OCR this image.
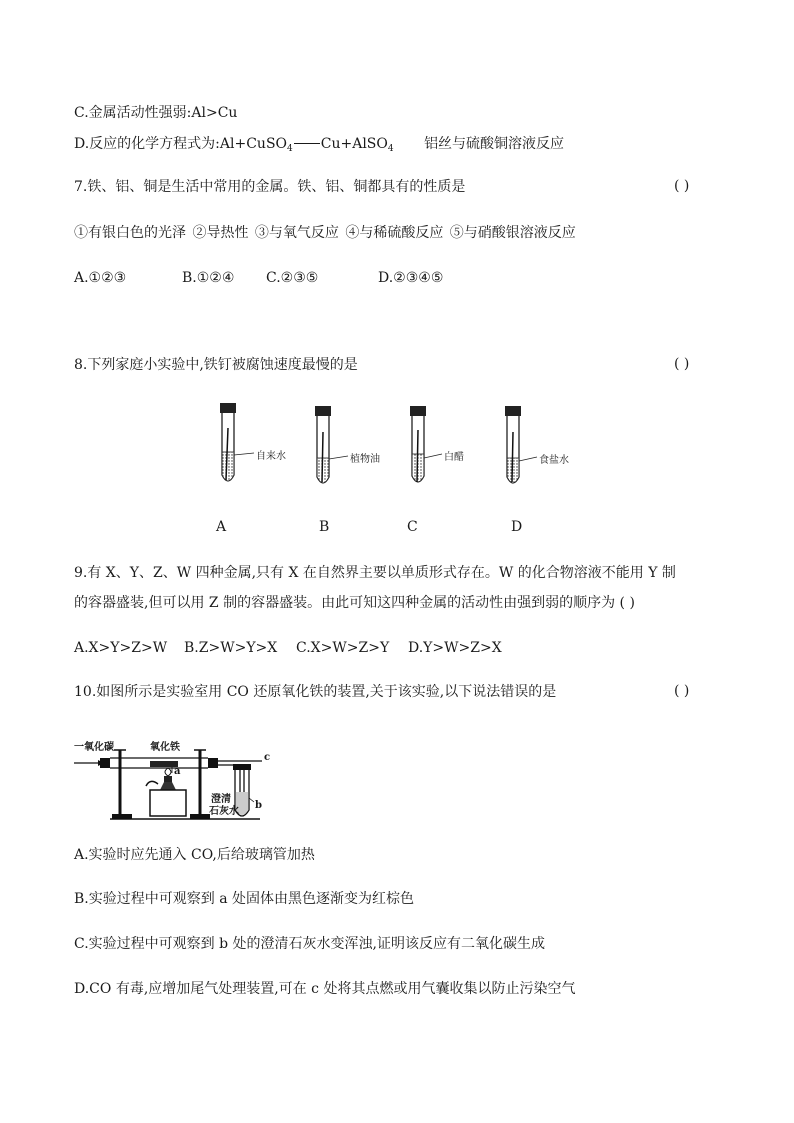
C.金属活动性强弱:Al>Cu
D.反应的化学方程式为:Al+CuSO$_4$ Cu+AlSO$_4$ 铝丝与硫酸铜溶液反应
7.铁、铝、铜是生活中常用的金属。铁、铝、铜都具有的性质是	( )
①有银白色的光泽 ②导热性 ③与氧气反应 ④与稀硫酸反应 ⑤与硝酸银溶液反应
A.①②③	B.①②④ C.②③⑤	D.②③④⑤
8.下列家庭小实验中,铁钉被腐蚀速度最慢的是	( )
自来水	植物油	白醋	食盐水
A	B	C	D
9.有 X、Y、Z、W 四种金属,只有 X 在自然界主要以单质形式存在。W 的化合物溶液不能用 Y 制
的容器盛装,但可以用 Z 制的容器盛装。由此可知这四种金属的活动性由强到弱的顺序为 ( )
A.X>Y>Z>W B.Z>W>Y>X C.X>W>Z>Y D.Y>W>Z>X
10.如图所示是实验室用 CO 还原氧化铁的装置,关于该实验,以下说法错误的是	( )
一氧化碳	氧化铁
a
澄清
石灰水
b
c
A.实验时应先通入 CO,后给玻璃管加热
B.实验过程中可观察到 a 处固体由黑色逐渐变为红棕色
C.实验过程中可观察到 b 处的澄清石灰水变浑浊,证明该反应有二氧化碳生成
D.CO 有毒,应增加尾气处理装置,可在 c 处将其点燃或用气囊收集以防止污染空气
